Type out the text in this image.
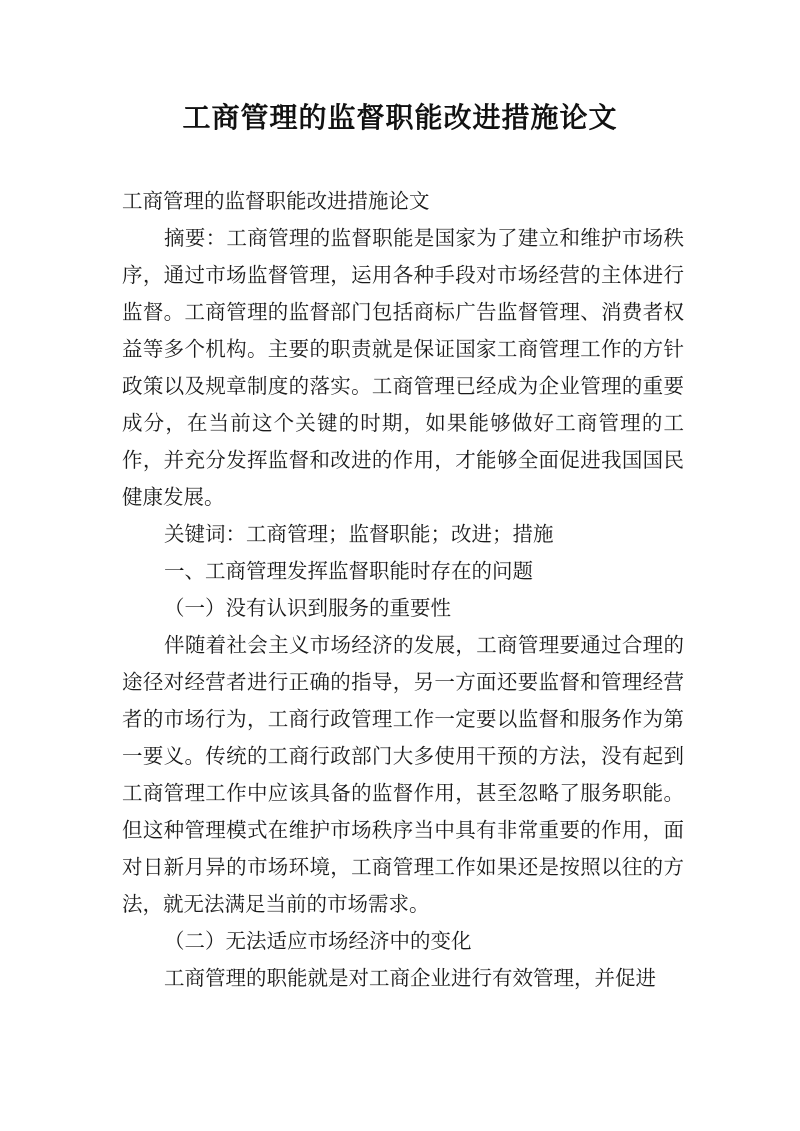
工商管理的监督职能改进措施论文

工商管理的监督职能改进措施论文

摘要：工商管理的监督职能是国家为了建立和维护市场秩序，通过市场监督管理，运用各种手段对市场经营的主体进行监督。工商管理的监督部门包括商标广告监督管理、消费者权益等多个机构。主要的职责就是保证国家工商管理工作的方针政策以及规章制度的落实。工商管理已经成为企业管理的重要成分，在当前这个关键的时期，如果能够做好工商管理的工作，并充分发挥监督和改进的作用，才能够全面促进我国国民健康发展。

关键词：工商管理；监督职能；改进；措施

一、工商管理发挥监督职能时存在的问题

（一）没有认识到服务的重要性

伴随着社会主义市场经济的发展，工商管理要通过合理的途径对经营者进行正确的指导，另一方面还要监督和管理经营者的市场行为，工商行政管理工作一定要以监督和服务作为第一要义。传统的工商行政部门大多使用干预的方法，没有起到工商管理工作中应该具备的监督作用，甚至忽略了服务职能。但这种管理模式在维护市场秩序当中具有非常重要的作用，面对日新月异的市场环境，工商管理工作如果还是按照以往的方法，就无法满足当前的市场需求。

（二）无法适应市场经济中的变化

工商管理的职能就是对工商企业进行有效管理，并促进
